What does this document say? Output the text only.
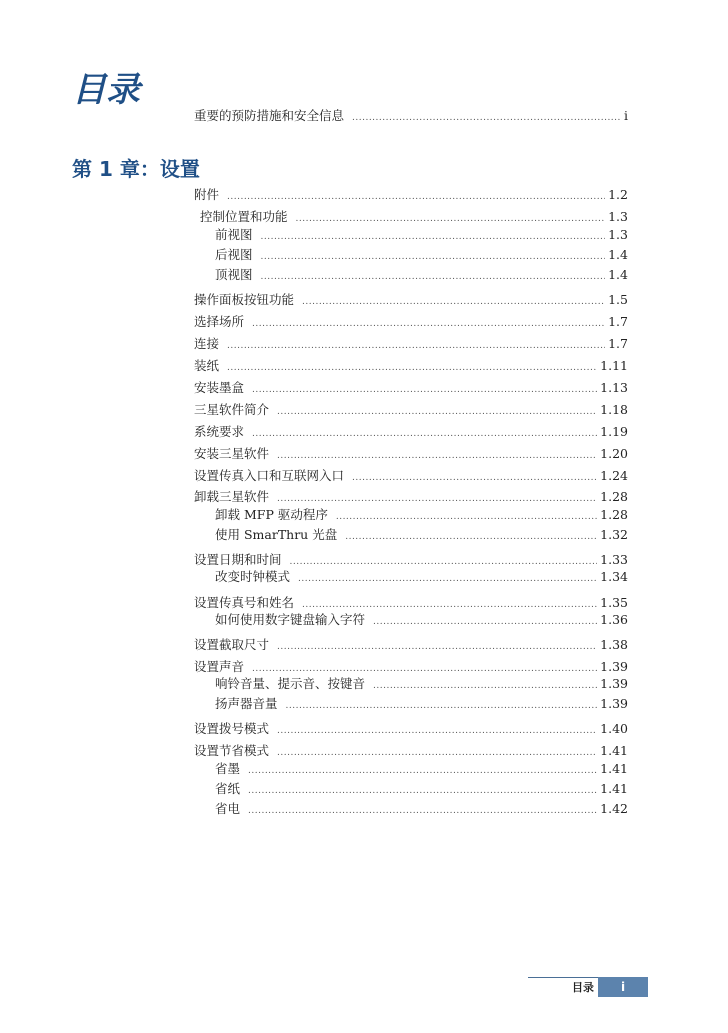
目录
重要的预防措施和安全信息 .....	i
第 1 章：设置
附件 .....	1.2
控制位置和功能 .....	1.3
前视图 .....	1.3
后视图 .....	1.4
顶视图 .....	1.4
操作面板按钮功能 .....	1.5
选择场所 .....	1.7
连接 .....	1.7
装纸 .....	1.11
安装墨盒 .....	1.13
三星软件简介 .....	1.18
系统要求 .....	1.19
安装三星软件 .....	1.20
设置传真入口和互联网入口 .....	1.24
卸载三星软件 .....	1.28
卸载 MFP 驱动程序 .....	1.28
使用 SmarThru 光盘 .....	1.32
设置日期和时间 .....	1.33
改变时钟模式 .....	1.34
设置传真号和姓名 .....	1.35
如何使用数字键盘输入字符 .....	1.36
设置截取尺寸 .....	1.38
设置声音 .....	1.39
响铃音量、提示音、按键音 .....	1.39
扬声器音量 .....	1.39
设置拨号模式 .....	1.40
设置节省模式 .....	1.41
省墨 .....	1.41
省纸 .....	1.41
省电 .....	1.42
目录	i
